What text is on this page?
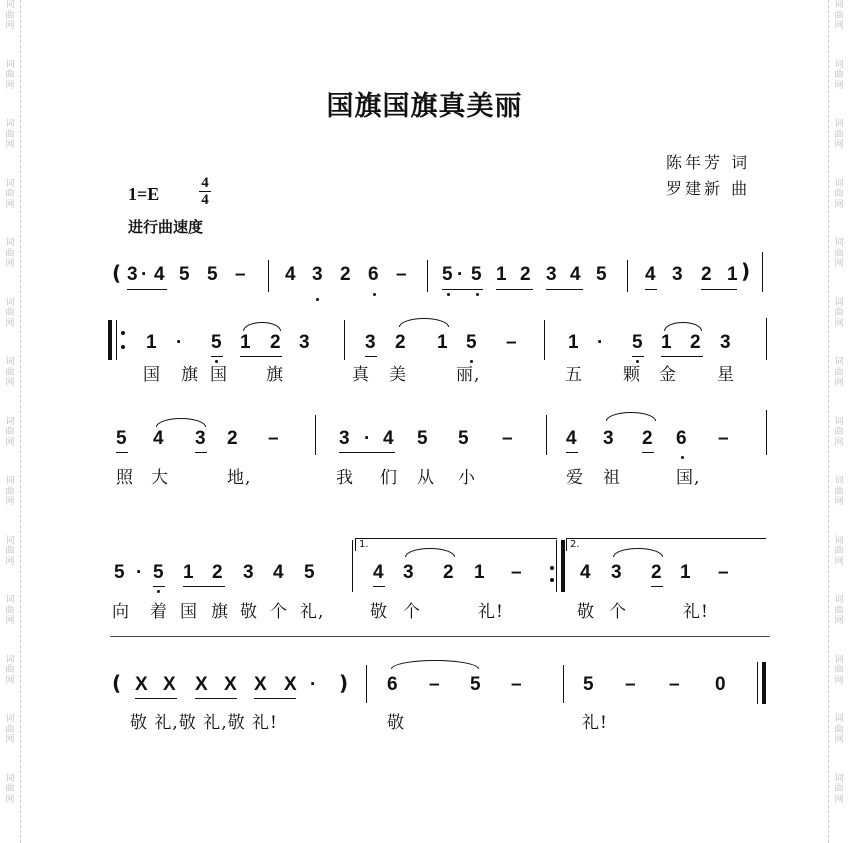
词曲网
词曲网
词曲网
词曲网
词曲网
词曲网
词曲网
词曲网
词曲网
词曲网
词曲网
词曲网
词曲网
词曲网
词曲网
词曲网
词曲网
词曲网
词曲网
词曲网
词曲网
词曲网
词曲网
词曲网
词曲网
词曲网
词曲网
词曲网
国旗国旗真美丽
陈年芳 词
罗建新 曲
1=E
4
4
进行曲速度
( 3 · 4 5 5 – 4 3 2 6 – 5 · 5 1 2 3 4 5 4 3 2 1 )
1 · 5 1 2 3	3 2 1 5 –	1 · 5 1 2 3
国 旗 国 旗	真 美	丽,	五 颗 金 星
5 4 3 2 –	3 · 4 5 5 –	4 3 2 6 –
照 大	地,	我 们 从 小	爱 祖	国,
5 · 5 1 2 3 4 5
1.
4 3 2 1 –
2.
4 3 2 1 –
向 着 国 旗 敬 个 礼,	敬 个	礼!	敬 个	礼!
( X X X X X X · ) 6 – 5 –	5 – – 0
敬 礼,敬 礼,敬 礼!	敬	礼!
